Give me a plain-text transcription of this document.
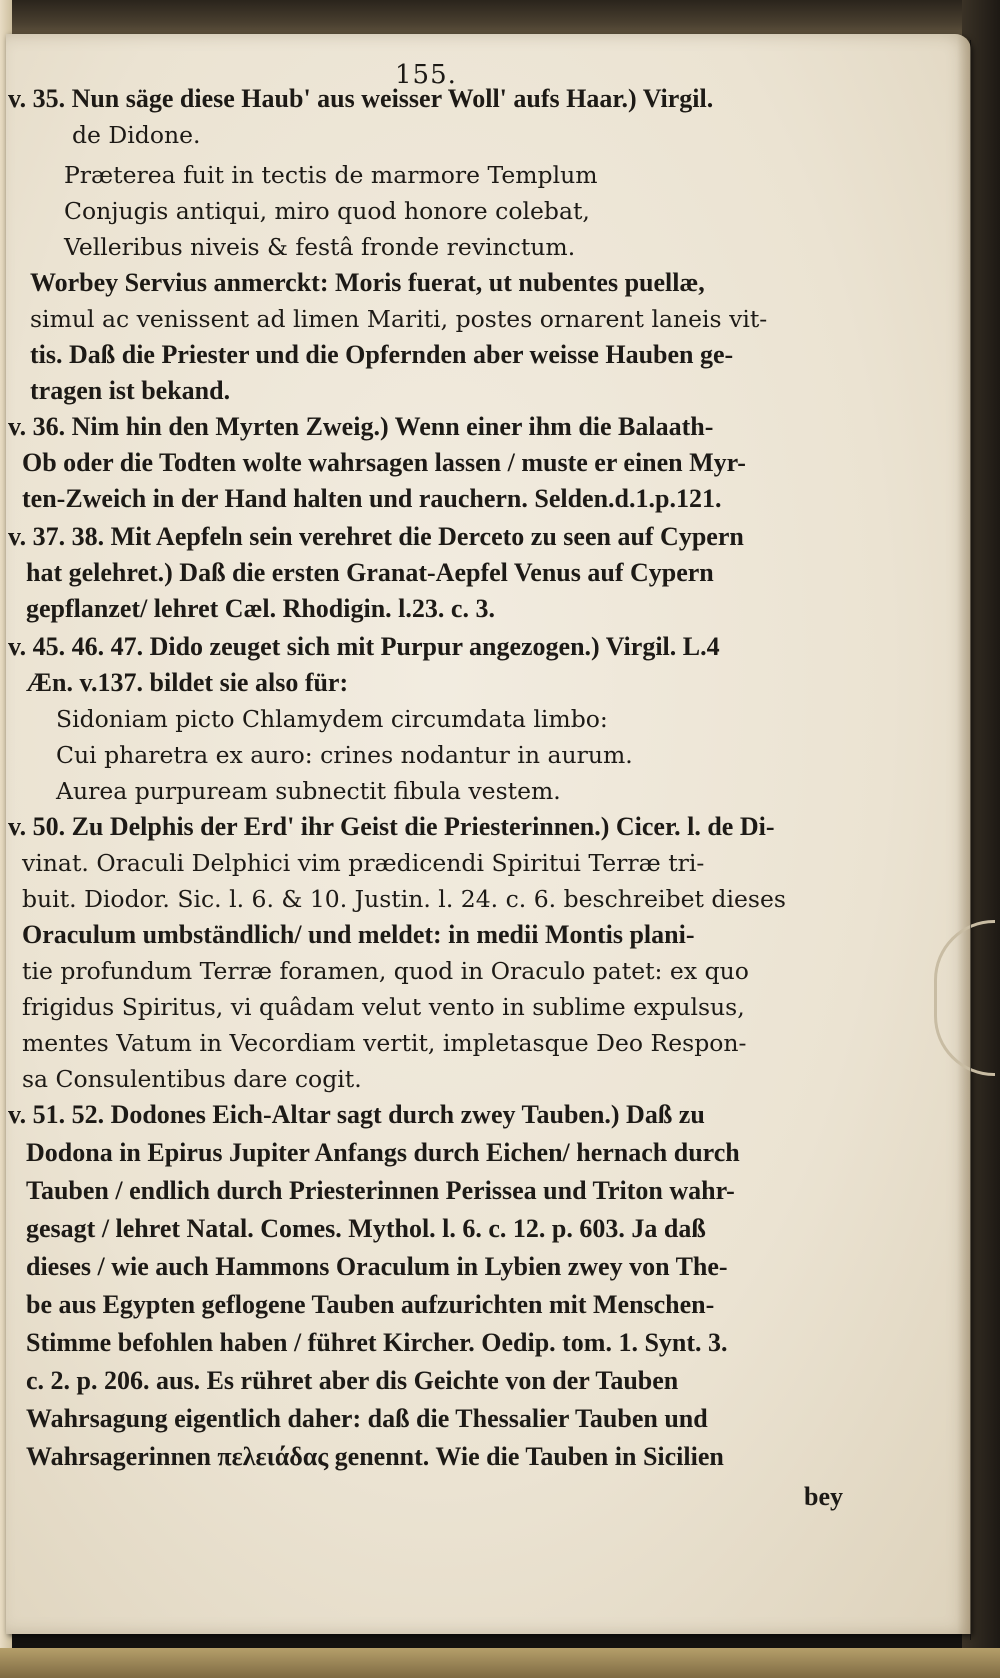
155.
v. 35. Nun säge diese Haub' aus weisser Woll' aufs Haar.) Virgil.
de Didone.
Præterea fuit in tectis de marmore Templum
Conjugis antiqui, miro quod honore colebat,
Velleribus niveis & festâ fronde revinctum.
Worbey Servius anmerckt: Moris fuerat, ut nubentes puellæ,
simul ac venissent ad limen Mariti, postes ornarent laneis vit-
tis. Daß die Priester und die Opfernden aber weisse Hauben ge-
tragen ist bekand.
v. 36. Nim hin den Myrten Zweig.) Wenn einer ihm die Balaath-
Ob oder die Todten wolte wahrsagen lassen / muste er einen Myr-
ten-Zweich in der Hand halten und rauchern. Selden.d.1.p.121.
v. 37. 38. Mit Aepfeln sein verehret die Derceto zu seen auf Cypern
hat gelehret.) Daß die ersten Granat-Aepfel Venus auf Cypern
gepflanzet/ lehret Cæl. Rhodigin. l.23. c. 3.
v. 45. 46. 47. Dido zeuget sich mit Purpur angezogen.) Virgil. L.4
Æn. v.137. bildet sie also für:
Sidoniam picto Chlamydem circumdata limbo:
Cui pharetra ex auro: crines nodantur in aurum.
Aurea purpuream subnectit fibula vestem.
v. 50. Zu Delphis der Erd' ihr Geist die Priesterinnen.) Cicer. l. de Di-
vinat. Oraculi Delphici vim prædicendi Spiritui Terræ tri-
buit. Diodor. Sic. l. 6. & 10. Justin. l. 24. c. 6. beschreibet dieses
Oraculum umbständlich/ und meldet: in medii Montis plani-
tie profundum Terræ foramen, quod in Oraculo patet: ex quo
frigidus Spiritus, vi quâdam velut vento in sublime expulsus,
mentes Vatum in Vecordiam vertit, impletasque Deo Respon-
sa Consulentibus dare cogit.
v. 51. 52. Dodones Eich-Altar sagt durch zwey Tauben.) Daß zu
Dodona in Epirus Jupiter Anfangs durch Eichen/ hernach durch
Tauben / endlich durch Priesterinnen Perissea und Triton wahr-
gesagt / lehret Natal. Comes. Mythol. l. 6. c. 12. p. 603. Ja daß
dieses / wie auch Hammons Oraculum in Lybien zwey von The-
be aus Egypten geflogene Tauben aufzurichten mit Menschen-
Stimme befohlen haben / führet Kircher. Oedip. tom. 1. Synt. 3.
c. 2. p. 206. aus. Es rühret aber dis Geichte von der Tauben
Wahrsagung eigentlich daher: daß die Thessalier Tauben und
Wahrsagerinnen πελειάδας genennt. Wie die Tauben in Sicilien
bey
